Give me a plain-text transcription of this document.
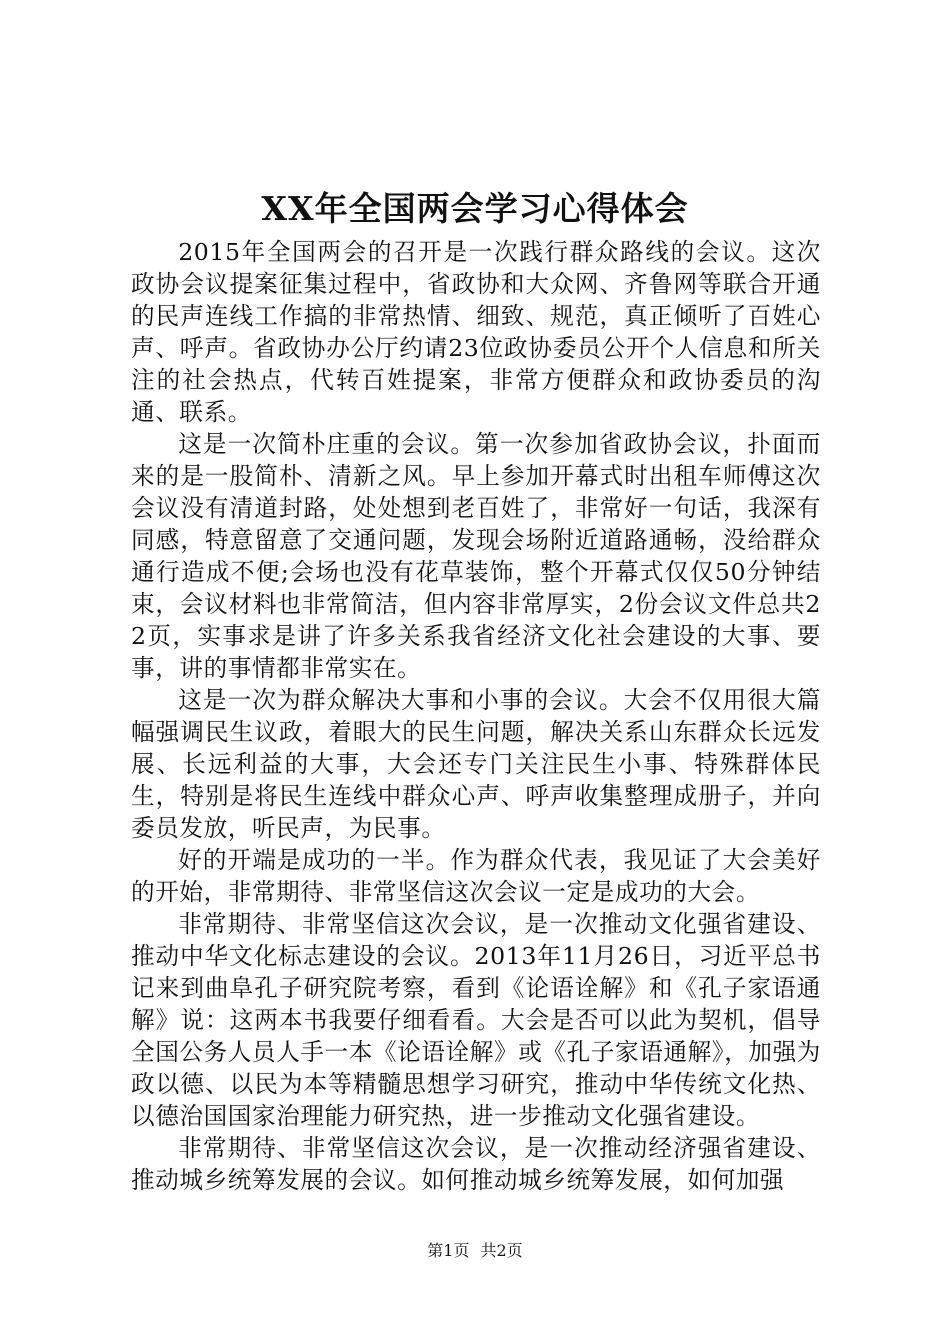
XX年全国两会学习心得体会

2015年全国两会的召开是一次践行群众路线的会议。这次政协会议提案征集过程中，省政协和大众网、齐鲁网等联合开通的民声连线工作搞的非常热情、细致、规范，真正倾听了百姓心声、呼声。省政协办公厅约请23位政协委员公开个人信息和所关注的社会热点，代转百姓提案，非常方便群众和政协委员的沟通、联系。

这是一次简朴庄重的会议。第一次参加省政协会议，扑面而来的是一股简朴、清新之风。早上参加开幕式时出租车师傅这次会议没有清道封路，处处想到老百姓了，非常好一句话，我深有同感，特意留意了交通问题，发现会场附近道路通畅，没给群众通行造成不便;会场也没有花草装饰，整个开幕式仅仅50分钟结束，会议材料也非常简洁，但内容非常厚实，2份会议文件总共22页，实事求是讲了许多关系我省经济文化社会建设的大事、要事，讲的事情都非常实在。

这是一次为群众解决大事和小事的会议。大会不仅用很大篇幅强调民生议政，着眼大的民生问题，解决关系山东群众长远发展、长远利益的大事，大会还专门关注民生小事、特殊群体民生，特别是将民生连线中群众心声、呼声收集整理成册子，并向委员发放，听民声，为民事。

好的开端是成功的一半。作为群众代表，我见证了大会美好的开始，非常期待、非常坚信这次会议一定是成功的大会。

非常期待、非常坚信这次会议，是一次推动文化强省建设、推动中华文化标志建设的会议。2013年11月26日，习近平总书记来到曲阜孔子研究院考察，看到《论语诠解》和《孔子家语通解》说：这两本书我要仔细看看。大会是否可以此为契机，倡导全国公务人员人手一本《论语诠解》或《孔子家语通解》，加强为政以德、以民为本等精髓思想学习研究，推动中华传统文化热、以德治国国家治理能力研究热，进一步推动文化强省建设。

非常期待、非常坚信这次会议，是一次推动经济强省建设、推动城乡统筹发展的会议。如何推动城乡统筹发展，如何加强

第1页 共2页
